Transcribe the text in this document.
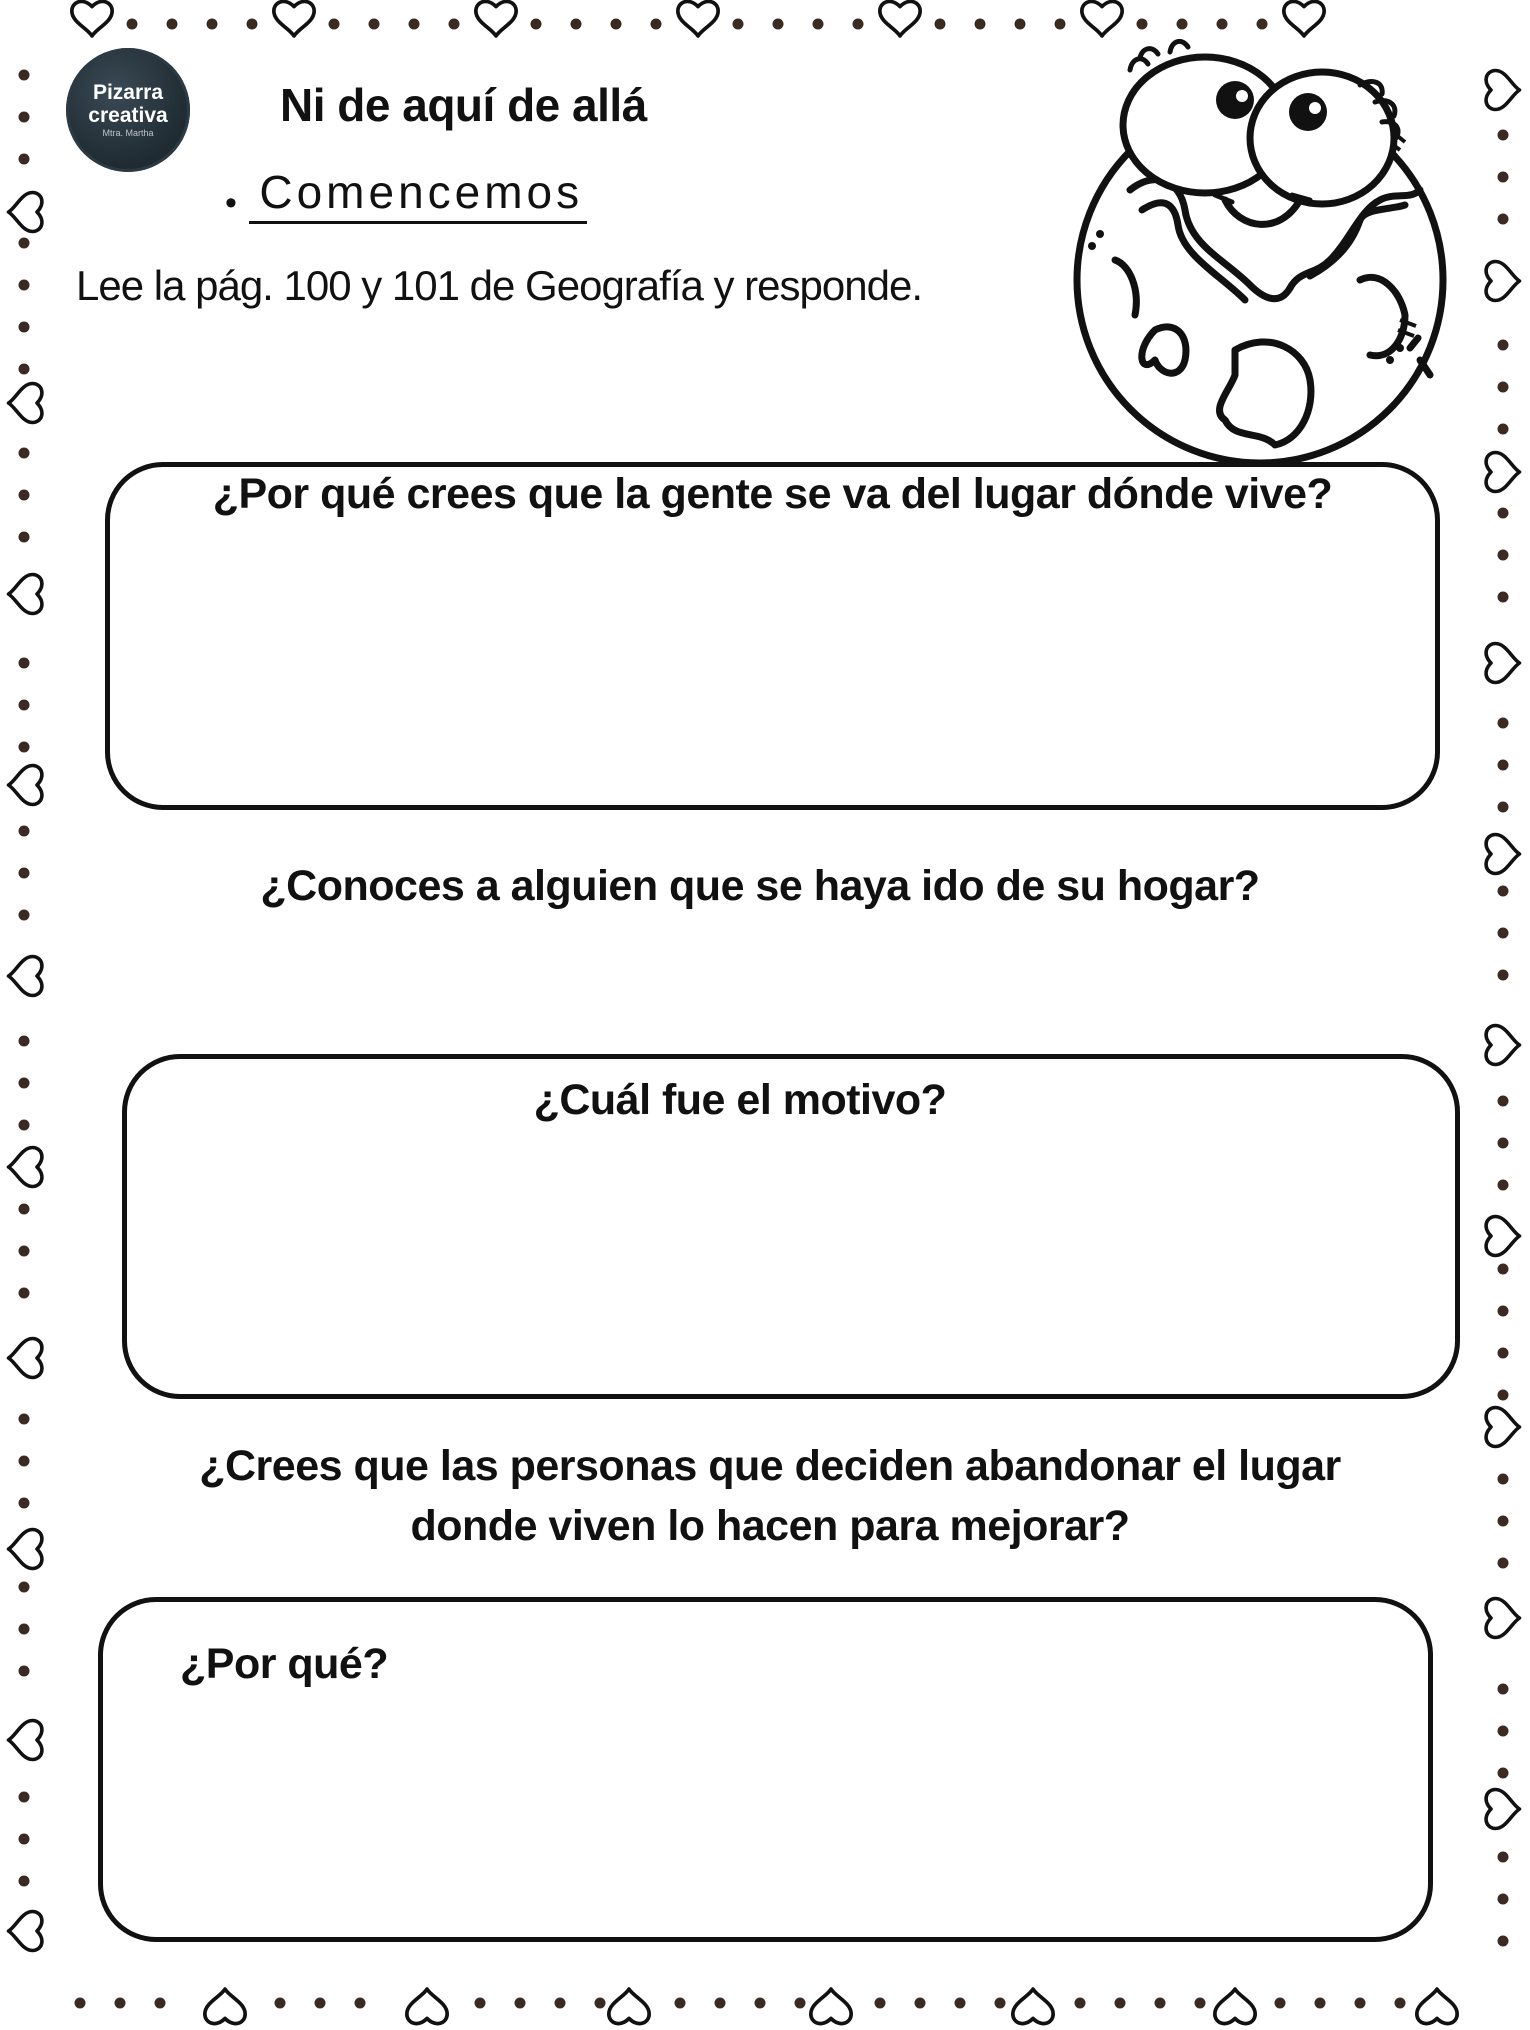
Pizarra
creativa
Mtra. Martha
Ni de aquí de allá
• Comencemos
Lee la pág. 100 y 101 de Geografía y responde.
¿Por qué crees que la gente se va del lugar dónde vive?
¿Conoces a alguien que se haya ido de su hogar?
¿Cuál fue el motivo?
¿Crees que las personas que deciden abandonar el lugar donde viven lo hacen para mejorar?
¿Por qué?
